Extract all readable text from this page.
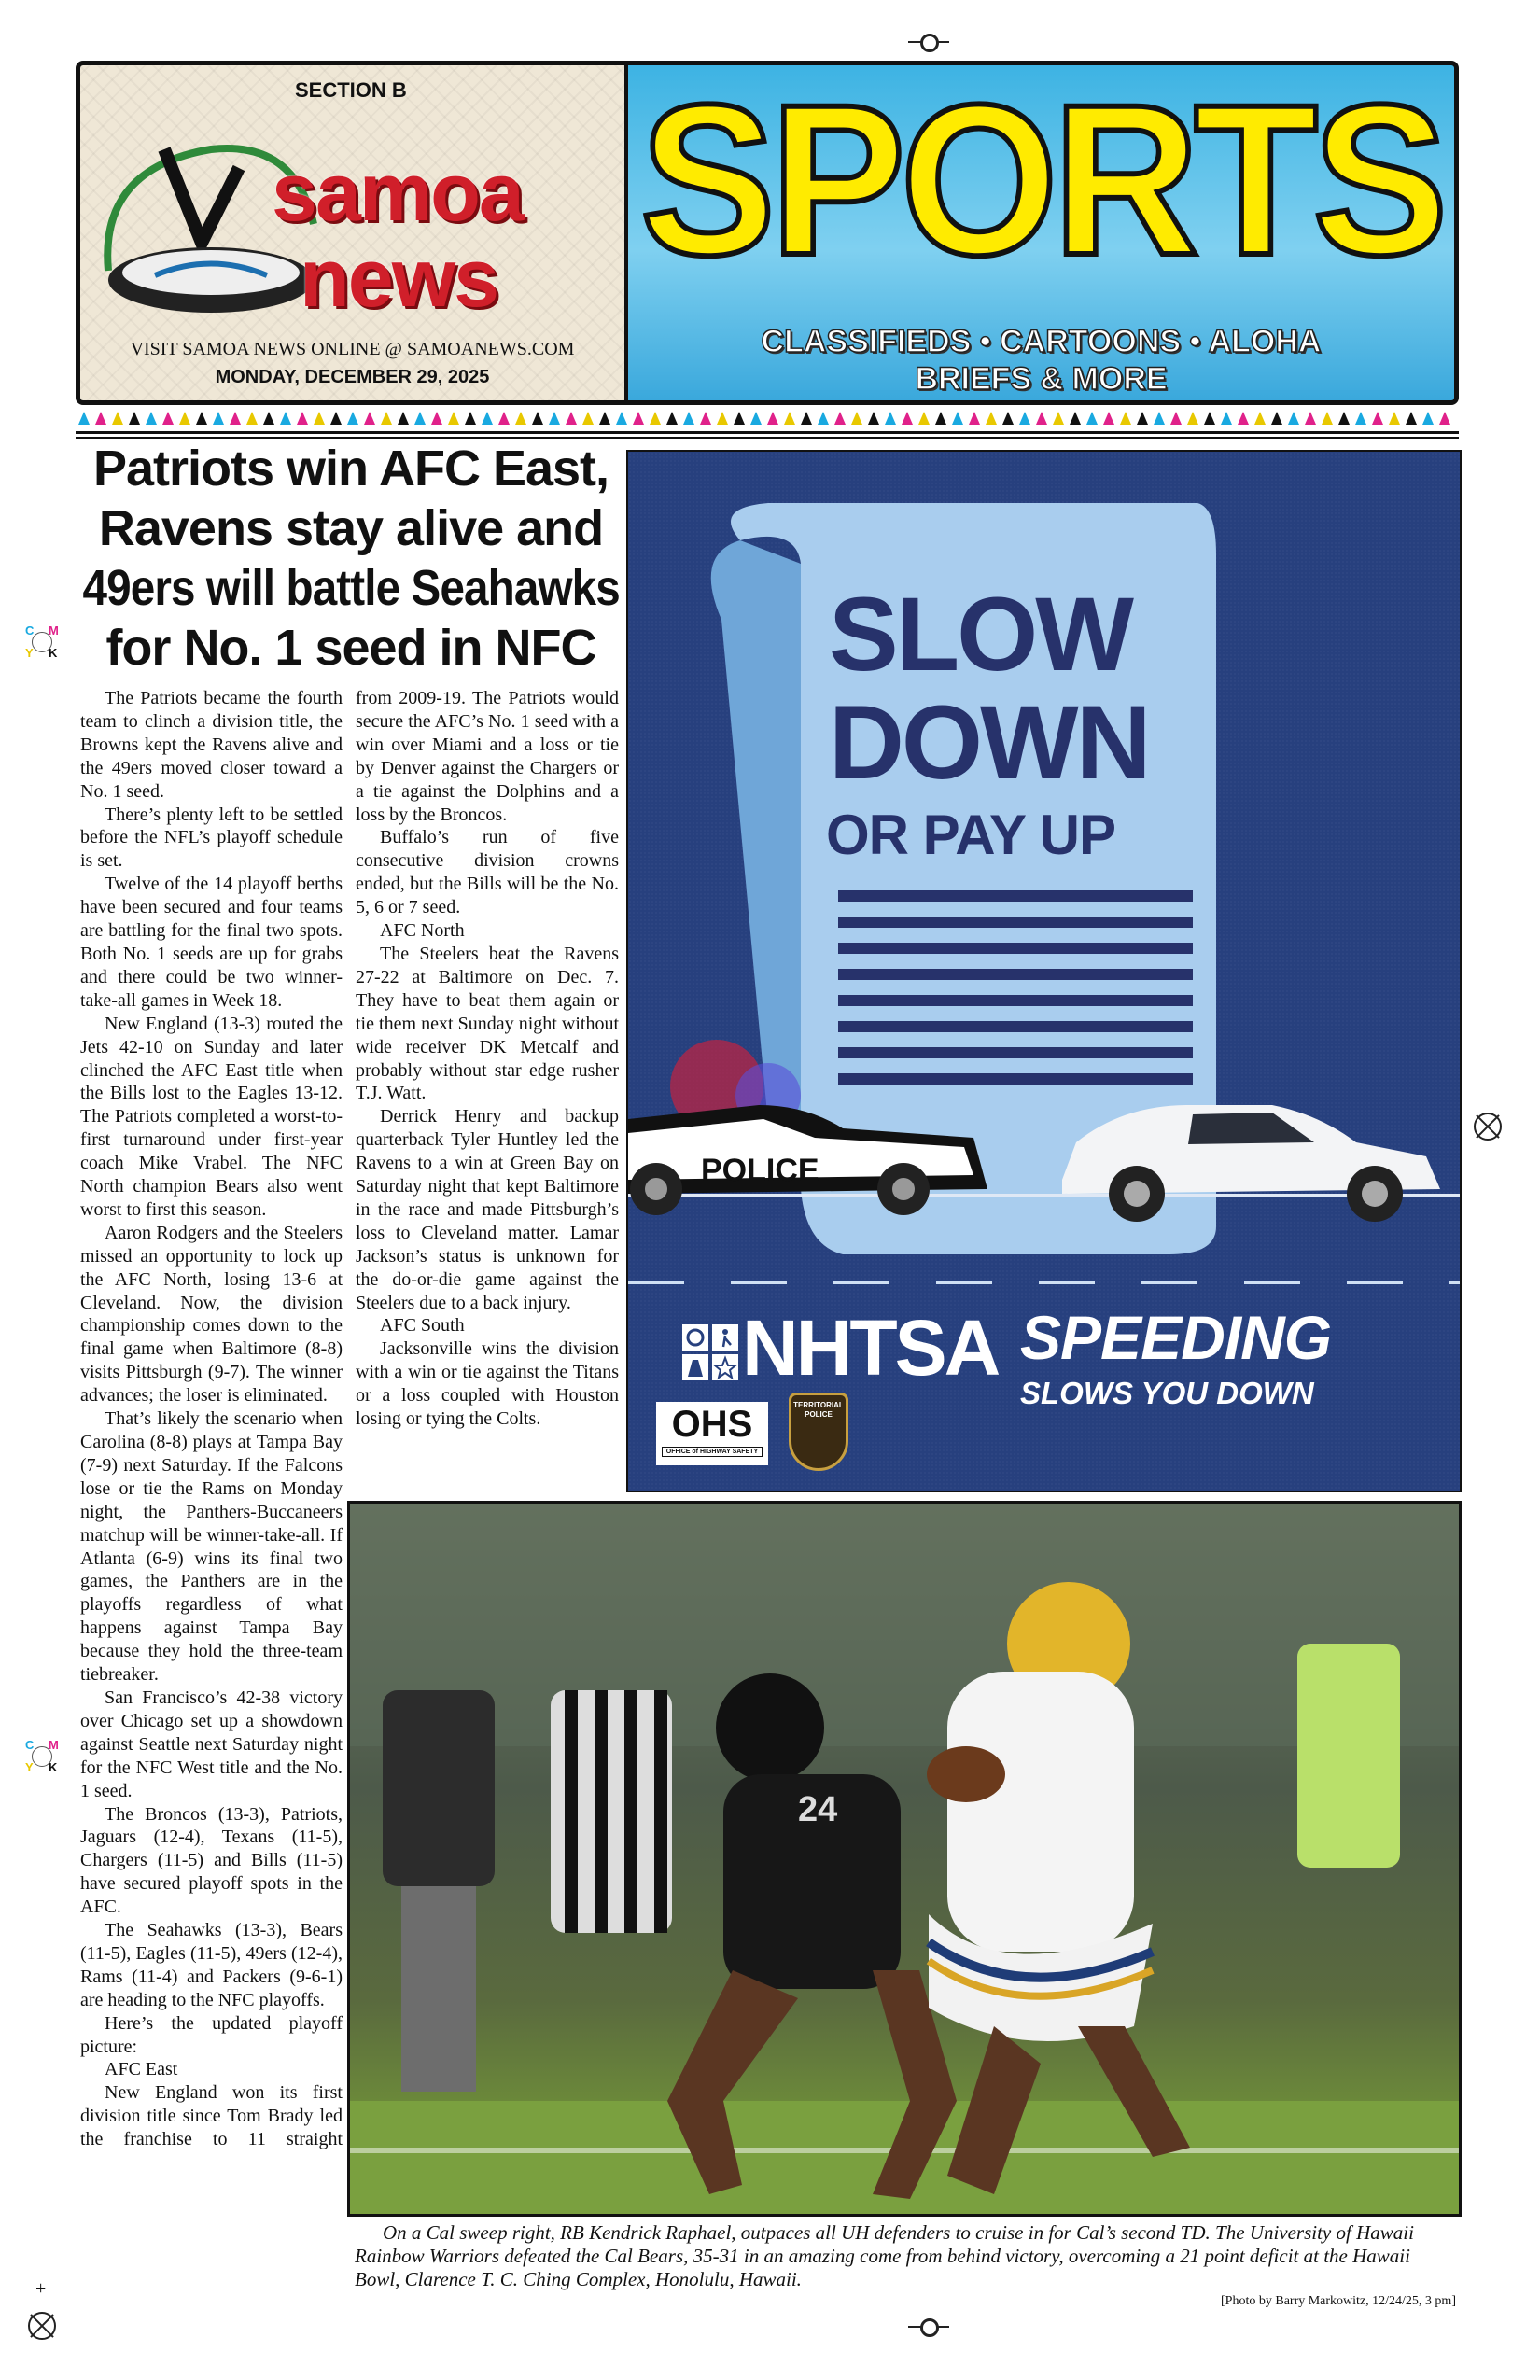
+
C M
Y K
C M
Y K
SECTION B
samoa
news
VISIT SAMOA NEWS ONLINE @ SAMOANEWS.COM
MONDAY, DECEMBER 29, 2025
SPORTS
CLASSIFIEDS • CARTOONS • ALOHA
BRIEFS & MORE
Patriots win AFC East,
Ravens stay alive and
49ers will battle Seahawks
for No. 1 seed in NFC

The Patriots became the fourth team to clinch a division title, the Browns kept the Ravens alive and the 49ers moved closer toward a No. 1 seed.

There’s plenty left to be settled before the NFL’s playoff schedule is set.

Twelve of the 14 playoff berths have been secured and four teams are battling for the final two spots. Both No. 1 seeds are up for grabs and there could be two winner-take-all games in Week 18.

New England (13-3) routed the Jets 42-10 on Sunday and later clinched the AFC East title when the Bills lost to the Eagles 13-12. The Patriots completed a worst-to-first turnaround under first-year coach Mike Vrabel. The NFC North champion Bears also went worst to first this season.

Aaron Rodgers and the Steelers missed an opportunity to lock up the AFC North, losing 13-6 at Cleveland. Now, the division championship comes down to the final game when Baltimore (8-8) visits Pittsburgh (9-7). The winner advances; the loser is eliminated.

That’s likely the scenario when Carolina (8-8) plays at Tampa Bay (7-9) next Saturday. If the Falcons lose or tie the Rams on Monday night, the Panthers-Buccaneers matchup will be winner-take-all. If Atlanta (6-9) wins its final two games, the Panthers are in the playoffs regardless of what happens against Tampa Bay because they hold the three-team tiebreaker.

San Francisco’s 42-38 victory over Chicago set up a showdown against Seattle next Saturday night for the NFC West title and the No. 1 seed.

The Broncos (13-3), Patriots, Jaguars (12-4), Texans (11-5), Chargers (11-5) and Bills (11-5) have secured playoff spots in the AFC.

The Seahawks (13-3), Bears (11-5), Eagles (11-5), 49ers (12-4), Rams (11-4) and Packers (9-6-1) are heading to the NFC playoffs.

Here’s the updated playoff picture:

AFC East

New England won its first division title since Tom Brady led the franchise to 11 straight

from 2009-19. The Patriots would secure the AFC’s No. 1 seed with a win over Miami and a loss or tie by Denver against the Chargers or a tie against the Dolphins and a loss by the Broncos.

Buffalo’s run of five consecutive division crowns ended, but the Bills will be the No. 5, 6 or 7 seed.

AFC North

The Steelers beat the Ravens 27-22 at Baltimore on Dec. 7. They have to beat them again or tie them next Sunday night without wide receiver DK Metcalf and probably without star edge rusher T.J. Watt.

Derrick Henry and backup quarterback Tyler Huntley led the Ravens to a win at Green Bay on Saturday night that kept Baltimore in the race and made Pittsburgh’s loss to Cleveland matter. Lamar Jackson’s status is unknown for the do-or-die game against the Steelers due to a back injury.

AFC South

Jacksonville wins the division with a win or tie against the Titans or a loss coupled with Houston losing or tying the Colts.

SLOW
DOWN
OR PAY UP
POLICE
NHTSA SPEEDING
SLOWS YOU DOWN
OHS
OFFICE of HIGHWAY SAFETY
TERRITORIAL POLICE
24
On a Cal sweep right, RB Kendrick Raphael, outpaces all UH defenders to cruise in for Cal’s second TD. The University of Hawaii Rainbow Warriors defeated the Cal Bears, 35-31 in an amazing come from behind victory, overcoming a 21 point deficit at the Hawaii Bowl, Clarence T. C. Ching Complex, Honolulu, Hawaii.
[Photo by Barry Markowitz, 12/24/25, 3 pm]
